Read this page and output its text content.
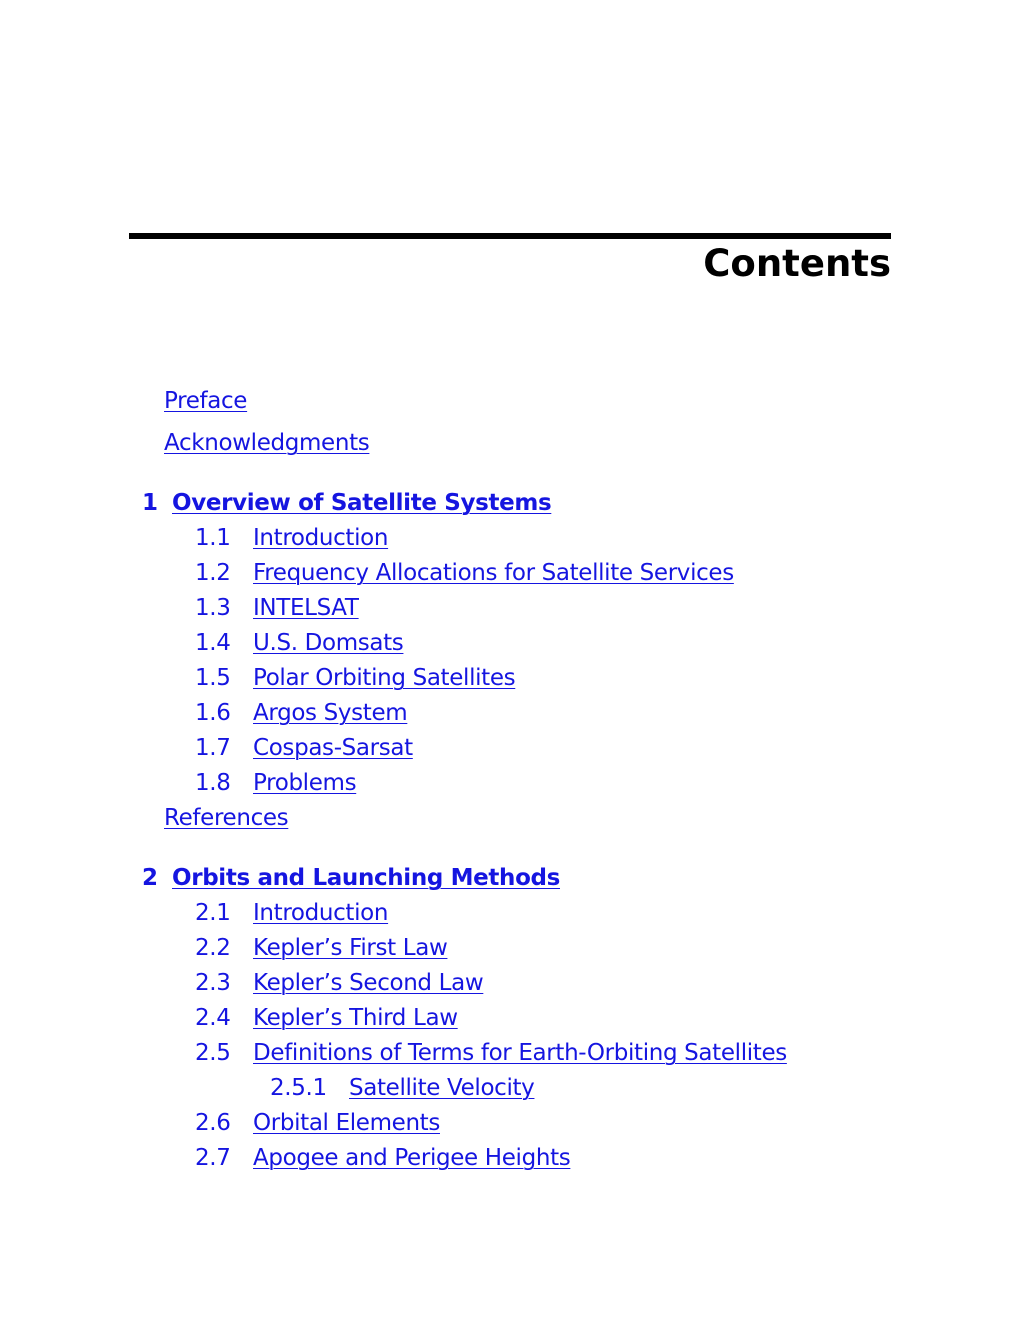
Contents
Preface
Acknowledgments
1 Overview of Satellite Systems
1.1 Introduction
1.2 Frequency Allocations for Satellite Services
1.3 INTELSAT
1.4 U.S. Domsats
1.5 Polar Orbiting Satellites
1.6 Argos System
1.7 Cospas-Sarsat
1.8 Problems
References
2 Orbits and Launching Methods
2.1 Introduction
2.2 Kepler’s First Law
2.3 Kepler’s Second Law
2.4 Kepler’s Third Law
2.5 Definitions of Terms for Earth-Orbiting Satellites
2.5.1 Satellite Velocity
2.6 Orbital Elements
2.7 Apogee and Perigee Heights
